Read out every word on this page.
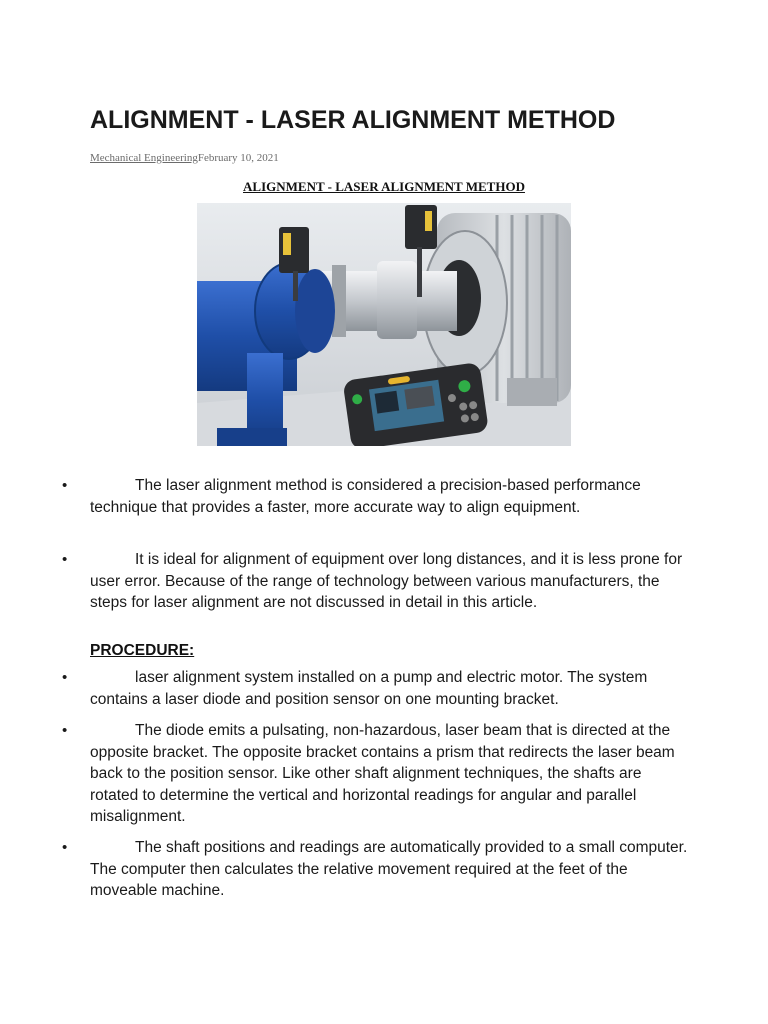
ALIGNMENT - LASER ALIGNMENT METHOD
Mechanical EngineeringFebruary 10, 2021
ALIGNMENT - LASER ALIGNMENT METHOD
•	The laser alignment method is considered a precision-based performance technique that provides a faster, more accurate way to align equipment.
•	It is ideal for alignment of equipment over long distances, and it is less prone for user error. Because of the range of technology between various manufacturers, the steps for laser alignment are not discussed in detail in this article.
PROCEDURE:
•	laser alignment system installed on a pump and electric motor. The system contains a laser diode and position sensor on one mounting bracket.
•	The diode emits a pulsating, non-hazardous, laser beam that is directed at the opposite bracket. The opposite bracket contains a prism that redirects the laser beam back to the position sensor. Like other shaft alignment techniques, the shafts are rotated to determine the vertical and horizontal readings for angular and parallel misalignment.
•	The shaft positions and readings are automatically provided to a small computer. The computer then calculates the relative movement required at the feet of the moveable machine.
